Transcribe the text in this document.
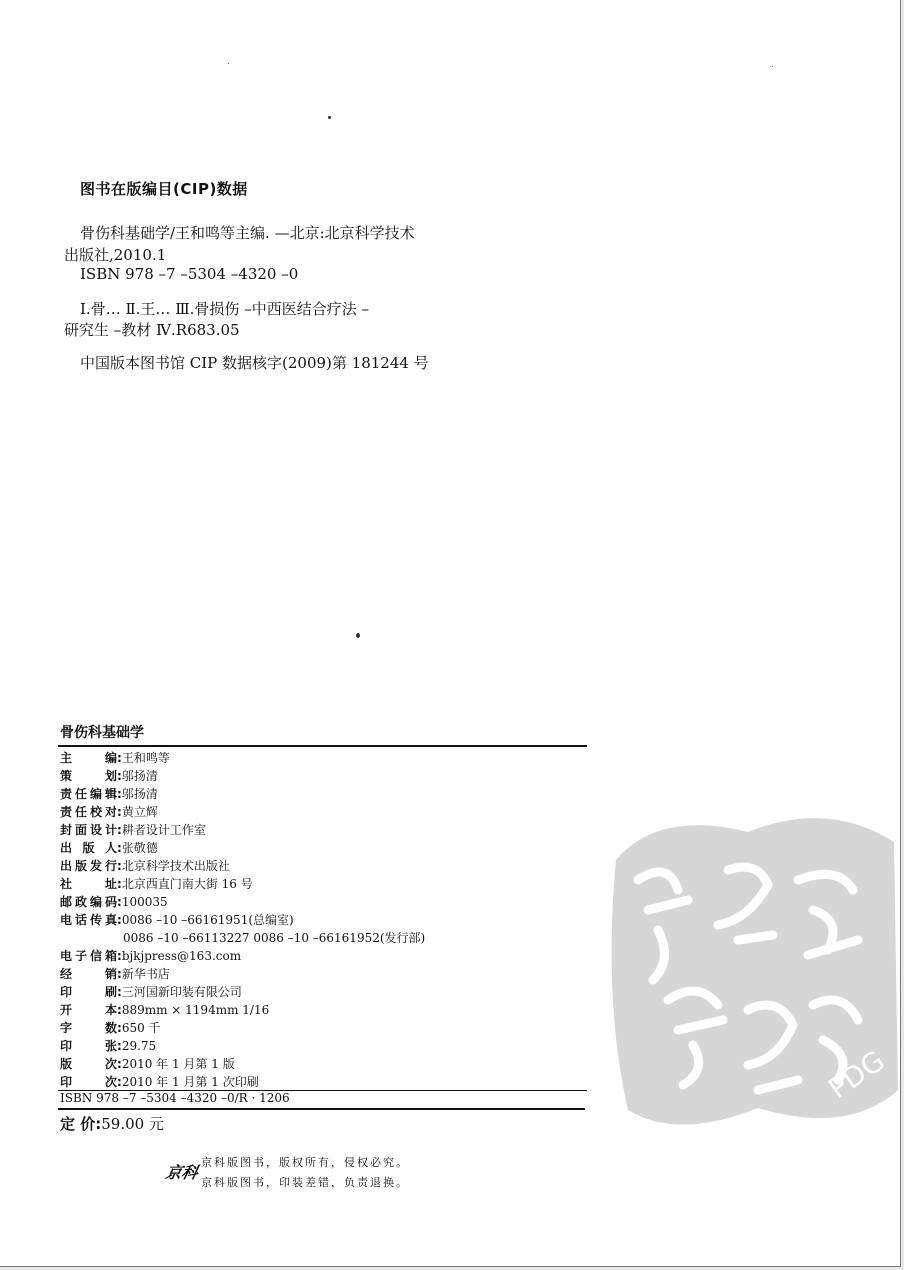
图书在版编目(CIP)数据
骨伤科基础学/王和鸣等主编. —北京:北京科学技术
出版社,2010.1
ISBN 978 –7 –5304 –4320 –0
Ⅰ.骨… Ⅱ.王… Ⅲ.骨损伤 –中西医结合疗法 –
研究生 –教材 Ⅳ.R683.05
中国版本图书馆 CIP 数据核字(2009)第 181244 号
骨伤科基础学
主编:王和鸣等
策划:邬扬清
责任编辑:邬扬清
责任校对:黄立辉
封面设计:耕者设计工作室
出版人:张敬德
出版发行:北京科学技术出版社
社址:北京西直门南大街 16 号
邮政编码:100035
电话传真:0086 –10 –66161951(总编室)
0086 –10 –66113227 0086 –10 –66161952(发行部)
电子信箱:bjkjpress@163.com
经销:新华书店
印刷:三河国新印装有限公司
开本:889mm × 1194mm 1/16
字数:650 千
印张:29.75
版次:2010 年 1 月第 1 版
印次:2010 年 1 月第 1 次印刷
ISBN 978 –7 –5304 –4320 –0/R · 1206
定 价:59.00 元
京科
京科版图书，版权所有，侵权必究。
京科版图书，印装差错，负责退换。
PDG
